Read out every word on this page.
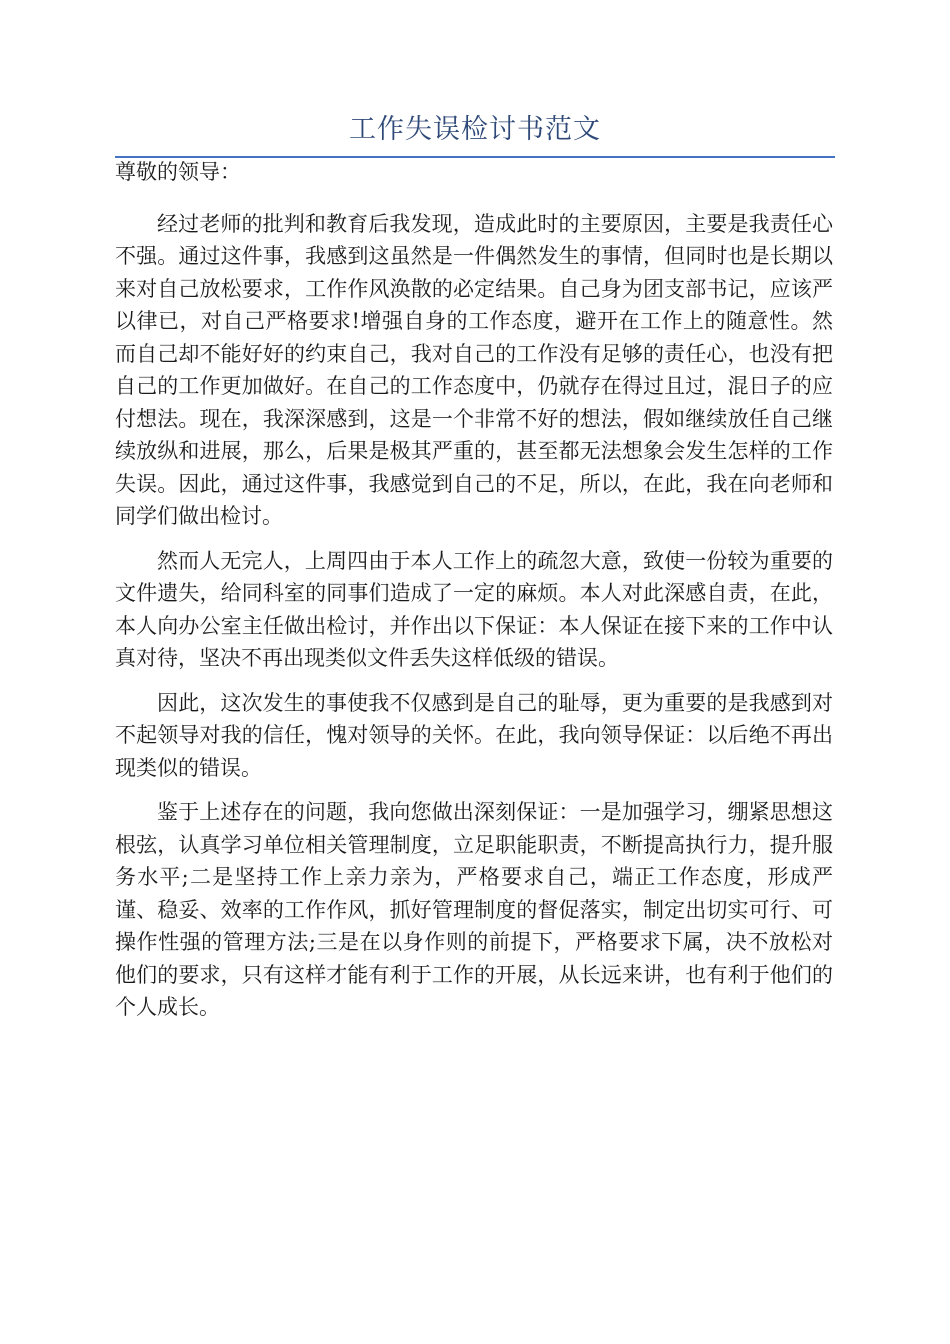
工作失误检讨书范文

尊敬的领导：

经过老师的批判和教育后我发现，造成此时的主要原因，主要是我责任心不强。通过这件事，我感到这虽然是一件偶然发生的事情，但同时也是长期以来对自己放松要求，工作作风涣散的必定结果。自己身为团支部书记，应该严以律已，对自己严格要求!增强自身的工作态度，避开在工作上的随意性。然而自己却不能好好的约束自己，我对自己的工作没有足够的责任心，也没有把自己的工作更加做好。在自己的工作态度中，仍就存在得过且过，混日子的应付想法。现在，我深深感到，这是一个非常不好的想法，假如继续放任自己继续放纵和进展，那么，后果是极其严重的，甚至都无法想象会发生怎样的工作失误。因此，通过这件事，我感觉到自己的不足，所以，在此，我在向老师和同学们做出检讨。

然而人无完人，上周四由于本人工作上的疏忽大意，致使一份较为重要的文件遗失，给同科室的同事们造成了一定的麻烦。本人对此深感自责，在此，本人向办公室主任做出检讨，并作出以下保证：本人保证在接下来的工作中认真对待，坚决不再出现类似文件丢失这样低级的错误。

因此，这次发生的事使我不仅感到是自己的耻辱，更为重要的是我感到对不起领导对我的信任，愧对领导的关怀。在此，我向领导保证：以后绝不再出现类似的错误。

鉴于上述存在的问题，我向您做出深刻保证：一是加强学习，绷紧思想这根弦，认真学习单位相关管理制度，立足职能职责，不断提高执行力，提升服务水平;二是坚持工作上亲力亲为，严格要求自己，端正工作态度，形成严谨、稳妥、效率的工作作风，抓好管理制度的督促落实，制定出切实可行、可操作性强的管理方法;三是在以身作则的前提下，严格要求下属，决不放松对他们的要求，只有这样才能有利于工作的开展，从长远来讲，也有利于他们的个人成长。
